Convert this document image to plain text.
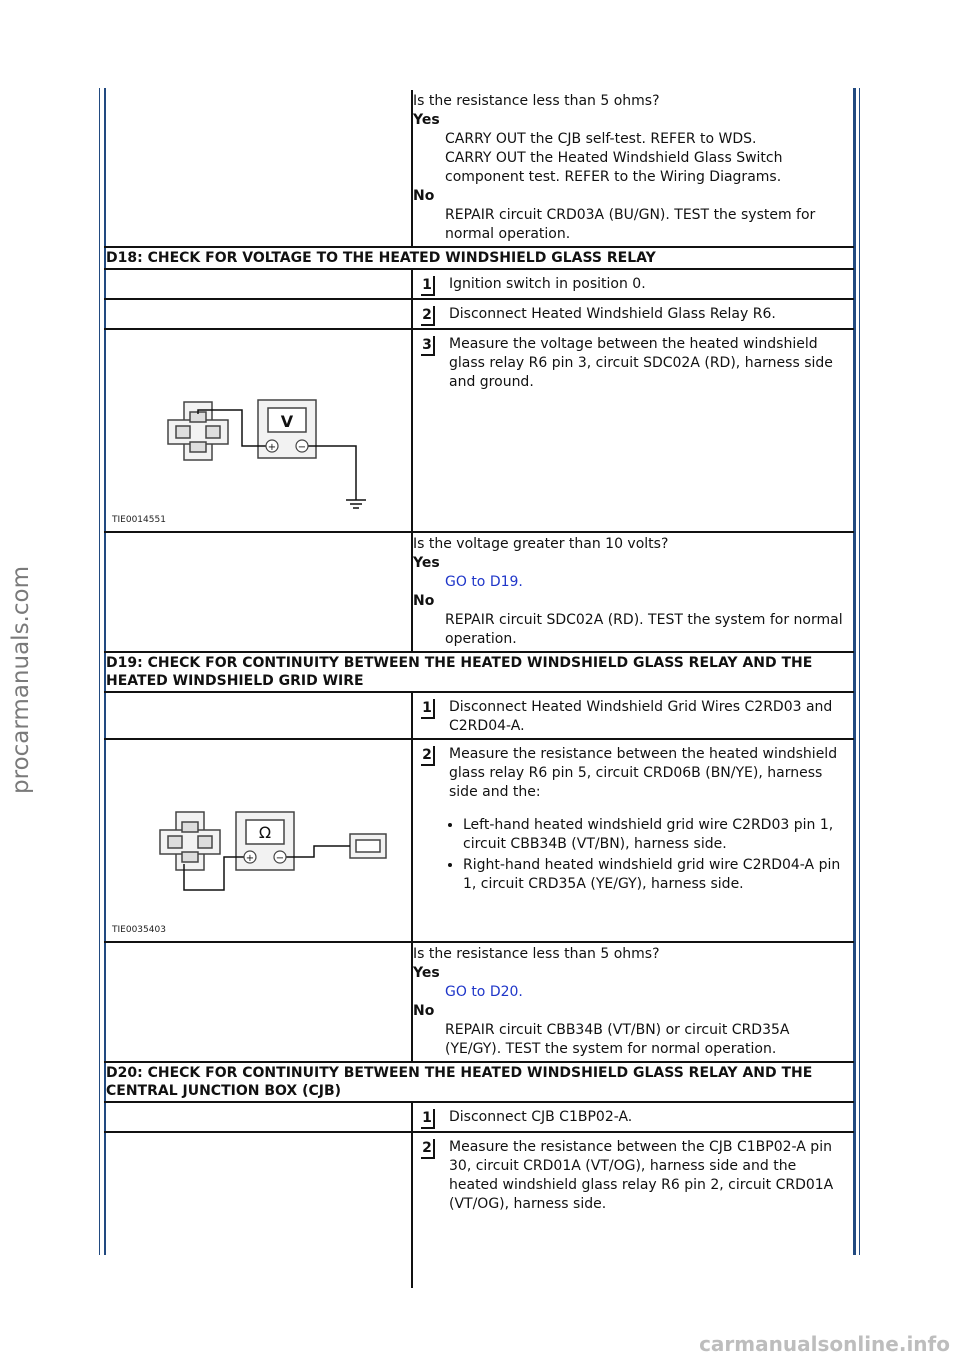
procarmanuals.com
carmanualsonline.info
Is the resistance less than 5 ohms?
Yes
CARRY OUT the CJB self-test. REFER to WDS.
CARRY OUT the Heated Windshield Glass Switch component test. REFER to the Wiring Diagrams.
No
REPAIR circuit CRD03A (BU/GN). TEST the system for normal operation.
D18: CHECK FOR VOLTAGE TO THE HEATED WINDSHIELD GLASS RELAY
1 Ignition switch in position 0.
2 Disconnect Heated Windshield Glass Relay R6.
V
+ −
TIE0014551
3 Measure the voltage between the heated windshield glass relay R6 pin 3, circuit SDC02A (RD), harness side and ground.
Is the voltage greater than 10 volts?
Yes
GO to D19.
No
REPAIR circuit SDC02A (RD). TEST the system for normal operation.
D19: CHECK FOR CONTINUITY BETWEEN THE HEATED WINDSHIELD GLASS RELAY AND THE HEATED WINDSHIELD GRID WIRE
1 Disconnect Heated Windshield Grid Wires C2RD03 and C2RD04-A.
Ω
+ −
TIE0035403
2 Measure the resistance between the heated windshield glass relay R6 pin 5, circuit CRD06B (BN/YE), harness side and the:
• Left-hand heated windshield grid wire C2RD03 pin 1, circuit CBB34B (VT/BN), harness side.
• Right-hand heated windshield grid wire C2RD04-A pin 1, circuit CRD35A (YE/GY), harness side.
Is the resistance less than 5 ohms?
Yes
GO to D20.
No
REPAIR circuit CBB34B (VT/BN) or circuit CRD35A (YE/GY). TEST the system for normal operation.
D20: CHECK FOR CONTINUITY BETWEEN THE HEATED WINDSHIELD GLASS RELAY AND THE CENTRAL JUNCTION BOX (CJB)
1 Disconnect CJB C1BP02-A.
2 Measure the resistance between the CJB C1BP02-A pin 30, circuit CRD01A (VT/OG), harness side and the heated windshield glass relay R6 pin 2, circuit CRD01A (VT/OG), harness side.
